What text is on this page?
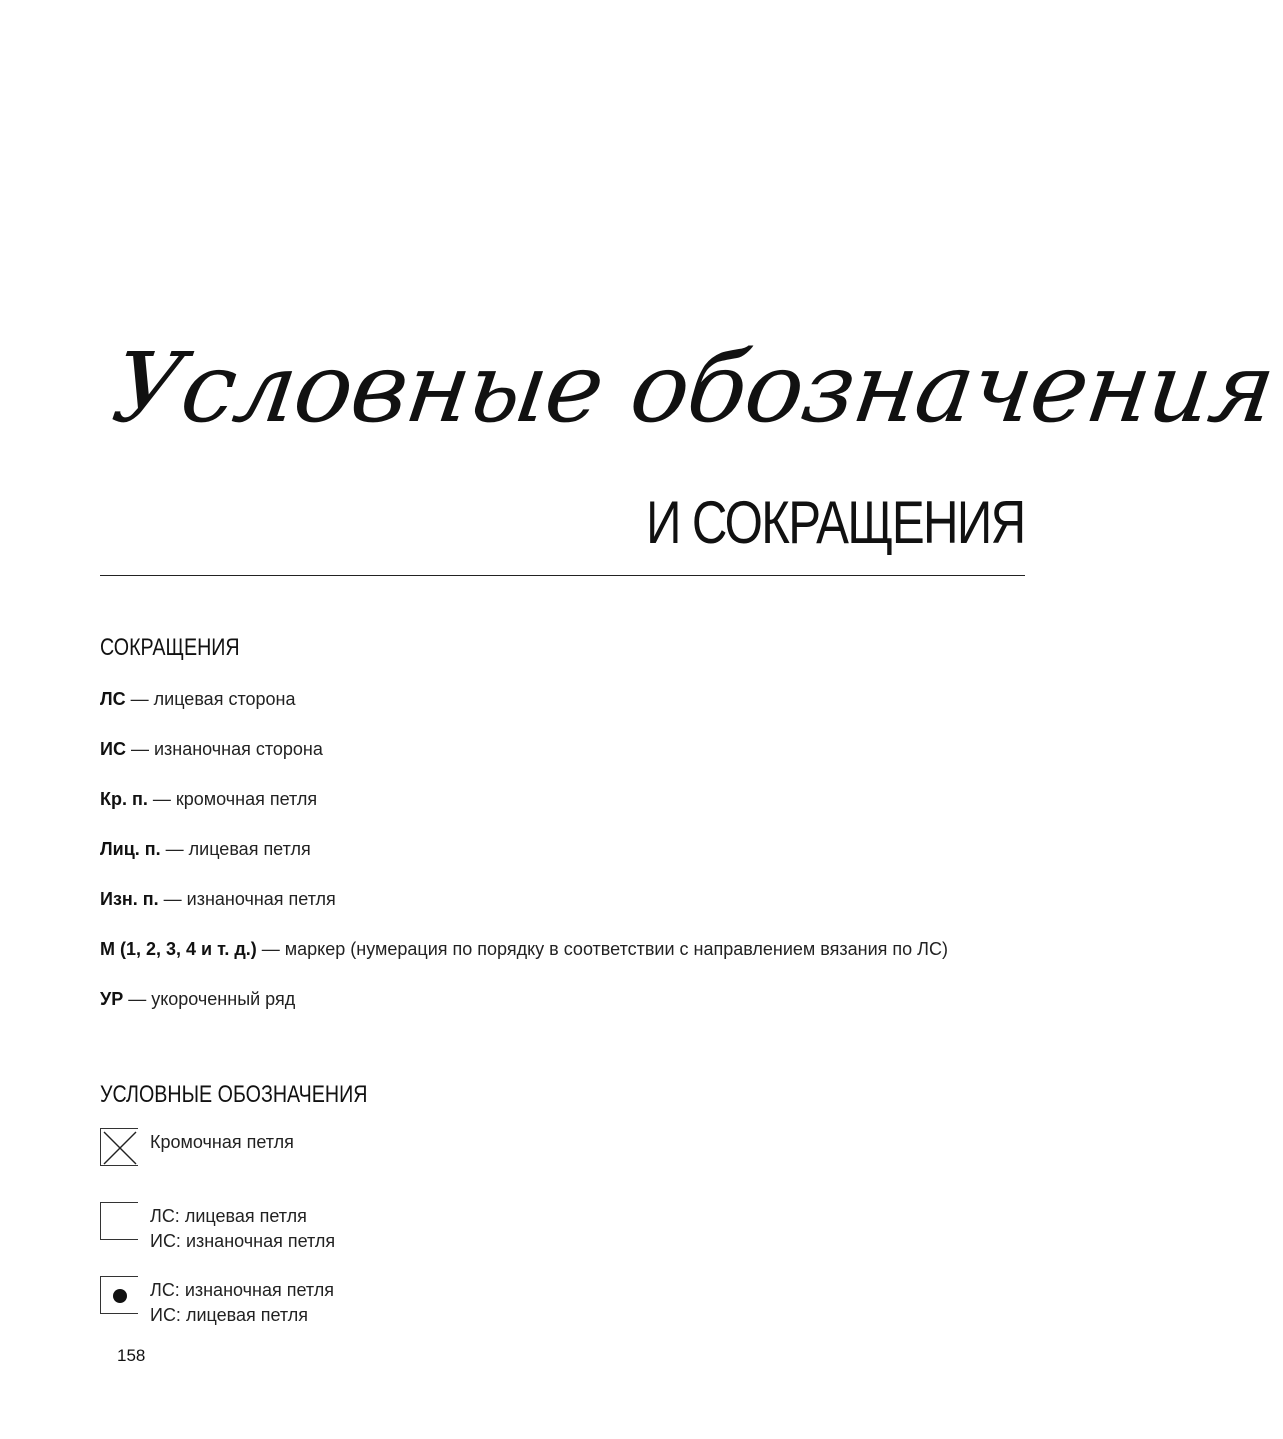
Условные обозначения
И СОКРАЩЕНИЯ
СОКРАЩЕНИЯ
ЛС — лицевая сторона
ИС — изнаночная сторона
Кр. п. — кромочная петля
Лиц. п. — лицевая петля
Изн. п. — изнаночная петля
М (1, 2, 3, 4 и т. д.) — маркер (нумерация по порядку в соответствии с направлением вязания по ЛС)
УР — укороченный ряд
УСЛОВНЫЕ ОБОЗНАЧЕНИЯ
Кромочная петля
ЛС: лицевая петля
ИС: изнаночная петля
ЛС: изнаночная петля
ИС: лицевая петля
158
